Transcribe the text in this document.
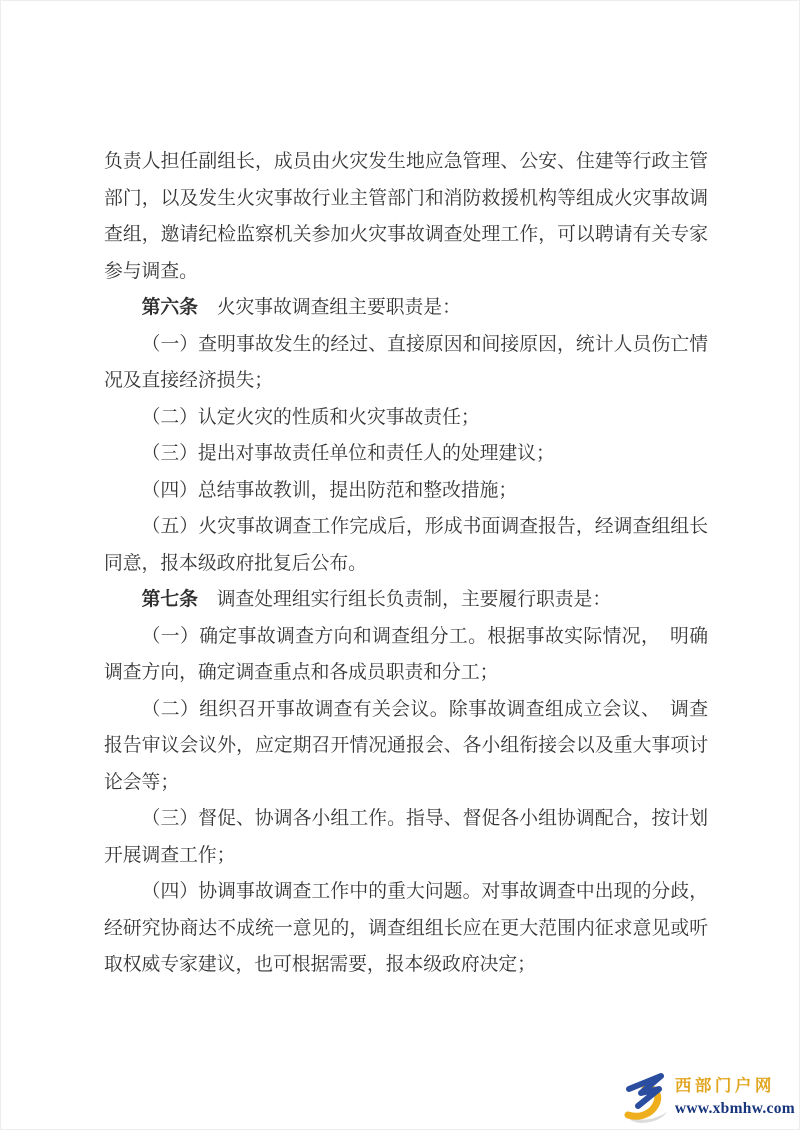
负责人担任副组长，成员由火灾发生地应急管理、公安、住建等行政主管部门，以及发生火灾事故行业主管部门和消防救援机构等组成火灾事故调查组，邀请纪检监察机关参加火灾事故调查处理工作，可以聘请有关专家参与调查。

第六条　火灾事故调查组主要职责是：

（一）查明事故发生的经过、直接原因和间接原因，统计人员伤亡情况及直接经济损失；

（二）认定火灾的性质和火灾事故责任；

（三）提出对事故责任单位和责任人的处理建议；

（四）总结事故教训，提出防范和整改措施；

（五）火灾事故调查工作完成后，形成书面调查报告，经调查组组长同意，报本级政府批复后公布。

第七条　调查处理组实行组长负责制，主要履行职责是：

（一）确定事故调查方向和调查组分工。根据事故实际情况，　明确调查方向，确定调查重点和各成员职责和分工；

（二）组织召开事故调查有关会议。除事故调查组成立会议、　调查报告审议会议外，应定期召开情况通报会、各小组衔接会以及重大事项讨论会等；

（三）督促、协调各小组工作。指导、督促各小组协调配合，按计划开展调查工作；

（四）协调事故调查工作中的重大问题。对事故调查中出现的分歧，经研究协商达不成统一意见的，调查组组长应在更大范围内征求意见或听取权威专家建议，也可根据需要，报本级政府决定；

西部门户网
www.xbmhw.com
